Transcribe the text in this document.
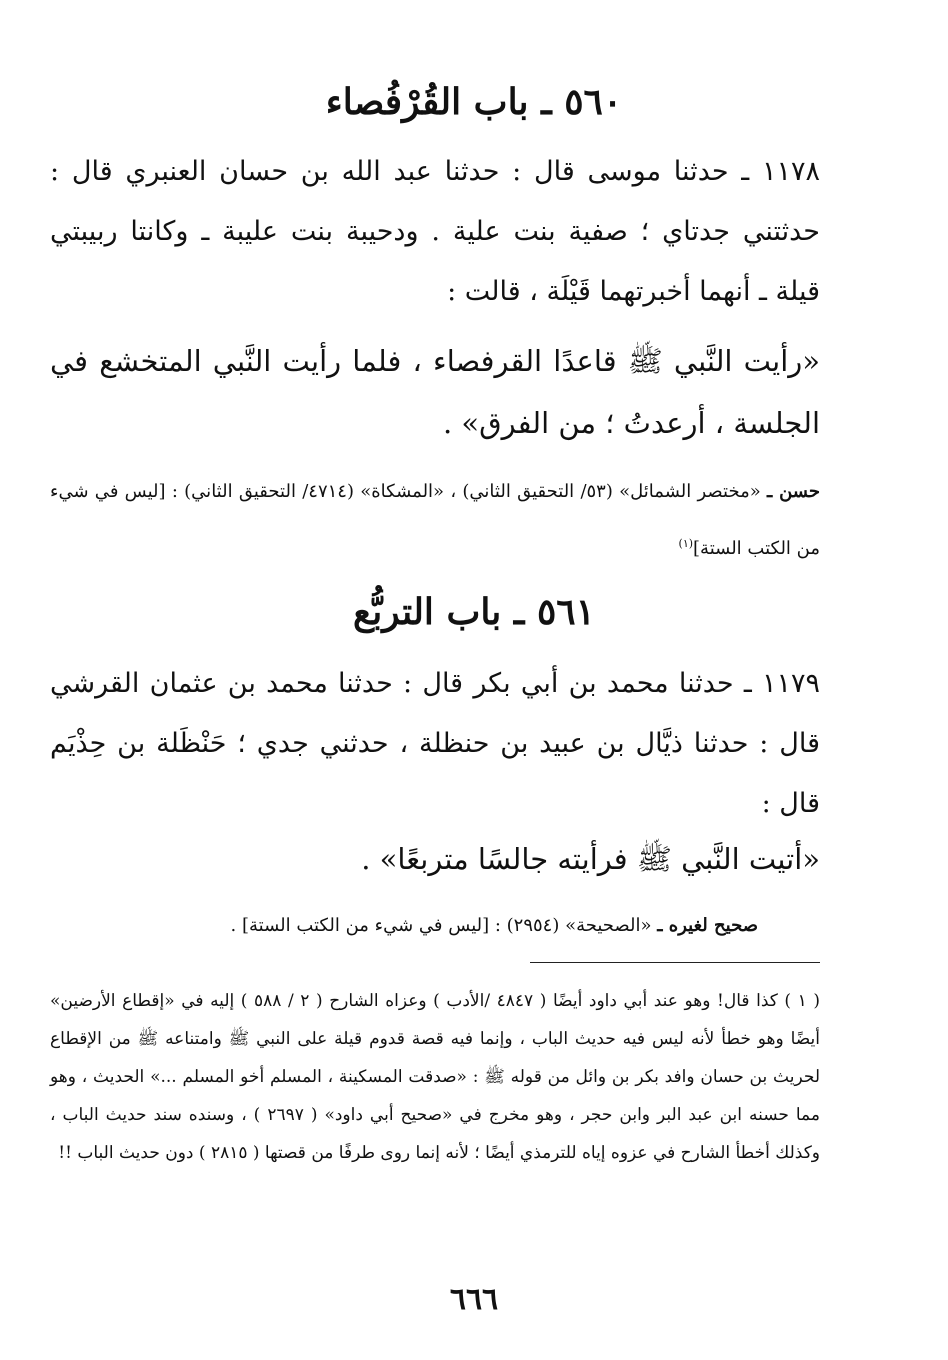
٥٦٠ ـ باب القُرْفُصاء
١١٧٨ ـ حدثنا موسى قال : حدثنا عبد الله بن حسان العنبري قال : حدثتني جدتاي ؛ صفية بنت علية . ودحيبة بنت عليبة ـ وكانتا ربيبتي قيلة ـ أنهما أخبرتهما قَيْلَة ، قالت :
«رأيت النَّبي ﷺ قاعدًا القرفصاء ، فلما رأيت النَّبي المتخشع في الجلسة ، أرعدتُ ؛ من الفرق» .
حسن ـ «مختصر الشمائل» (٥٣/ التحقيق الثاني) ، «المشكاة» (٤٧١٤/ التحقيق الثاني) : [ليس في شيء من الكتب الستة]$^{(١)}$
٥٦١ ـ باب التربُّع
١١٧٩ ـ حدثنا محمد بن أبي بكر قال : حدثنا محمد بن عثمان القرشي قال : حدثنا ذيَّال بن عبيد بن حنظلة ، حدثني جدي ؛ حَنْظَلة بن حِذْيَم قال :
«أتيت النَّبي ﷺ فرأيته جالسًا متربعًا» .
صحيح لغيره ـ «الصحيحة» (٢٩٥٤) : [ليس في شيء من الكتب الستة] .
( ١ ) كذا قال! وهو عند أبي داود أيضًا ( ٤٨٤٧ /الأدب ) وعزاه الشارح ( ٢ / ٥٨٨ ) إليه في «إقطاع الأرضين» أيضًا وهو خطأ لأنه ليس فيه حديث الباب ، وإنما فيه قصة قدوم قيلة على النبي ﷺ وامتناعه ﷺ من الإقطاع لحريث بن حسان وافد بكر بن وائل من قوله ﷺ : «صدقت المسكينة ، المسلم أخو المسلم ...» الحديث ، وهو مما حسنه ابن عبد البر وابن حجر ، وهو مخرج في «صحيح أبي داود» ( ٢٦٩٧ ) ، وسنده سند حديث الباب ، وكذلك أخطأ الشارح في عزوه إياه للترمذي أيضًا ؛ لأنه إنما روى طرفًا من قصتها ( ٢٨١٥ ) دون حديث الباب !!
٦٦٦
